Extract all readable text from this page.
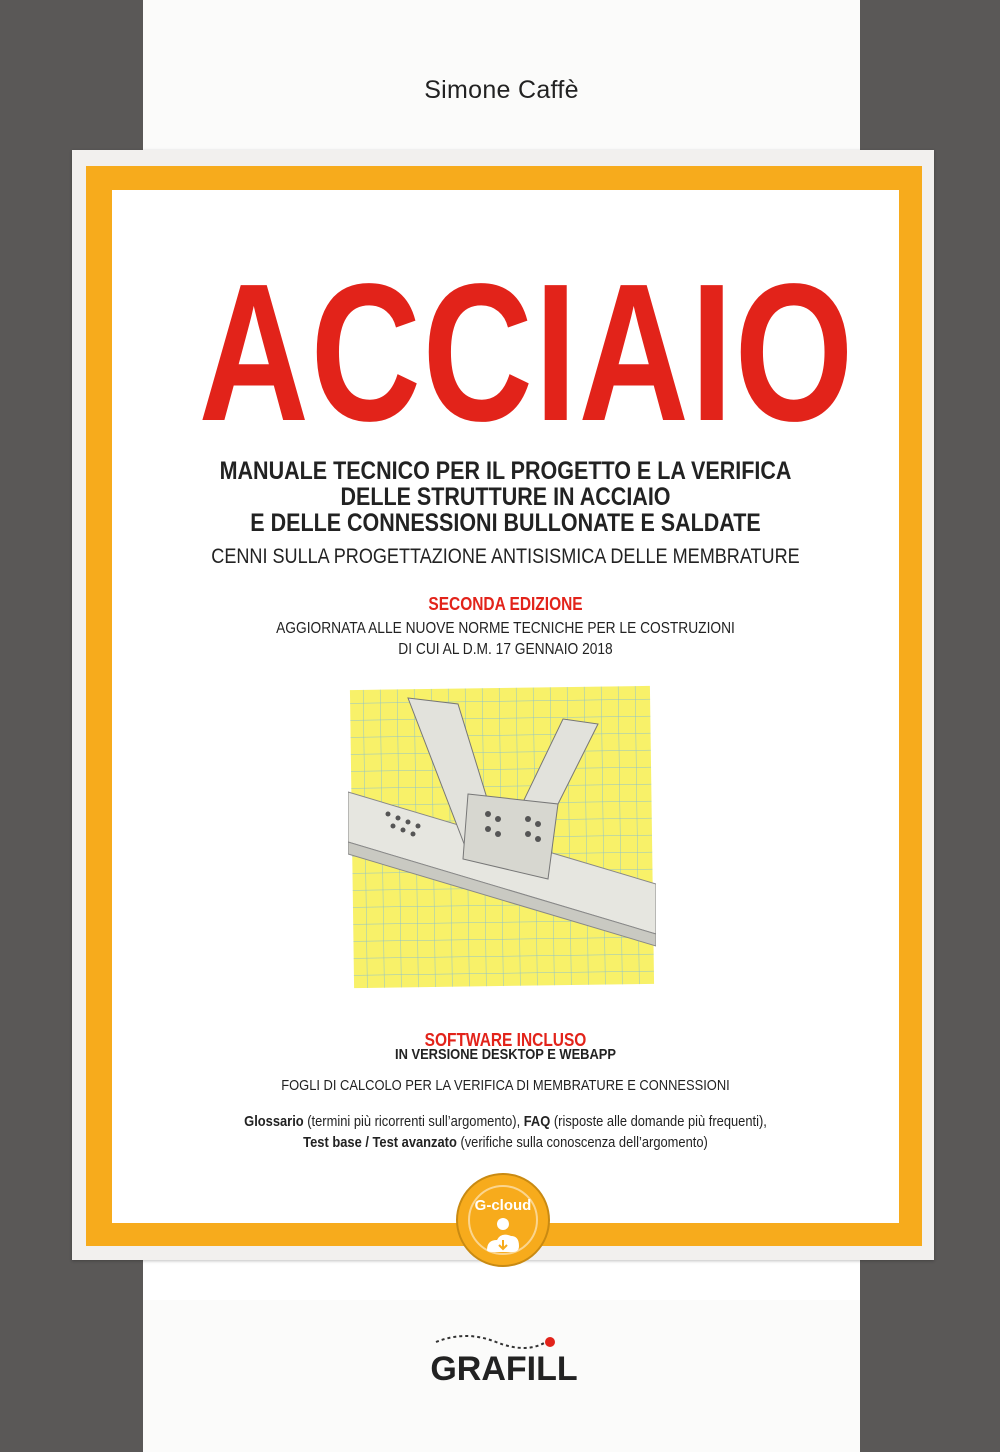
Simone Caffè
ACCIAIO
MANUALE TECNICO PER IL PROGETTO E LA VERIFICA
DELLE STRUTTURE IN ACCIAIO
E DELLE CONNESSIONI BULLONATE E SALDATE
CENNI SULLA PROGETTAZIONE ANTISISMICA DELLE MEMBRATURE
SECONDA EDIZIONE
AGGIORNATA ALLE NUOVE NORME TECNICHE PER LE COSTRUZIONI
DI CUI AL D.M. 17 GENNAIO 2018
SOFTWARE INCLUSO
IN VERSIONE DESKTOP E WEBAPP
FOGLI DI CALCOLO PER LA VERIFICA DI MEMBRATURE E CONNESSIONI
Glossario (termini più ricorrenti sull’argomento), FAQ (risposte alle domande più frequenti),
Test base / Test avanzato (verifiche sulla conoscenza dell’argomento)
G-cloud
GRAFILL
